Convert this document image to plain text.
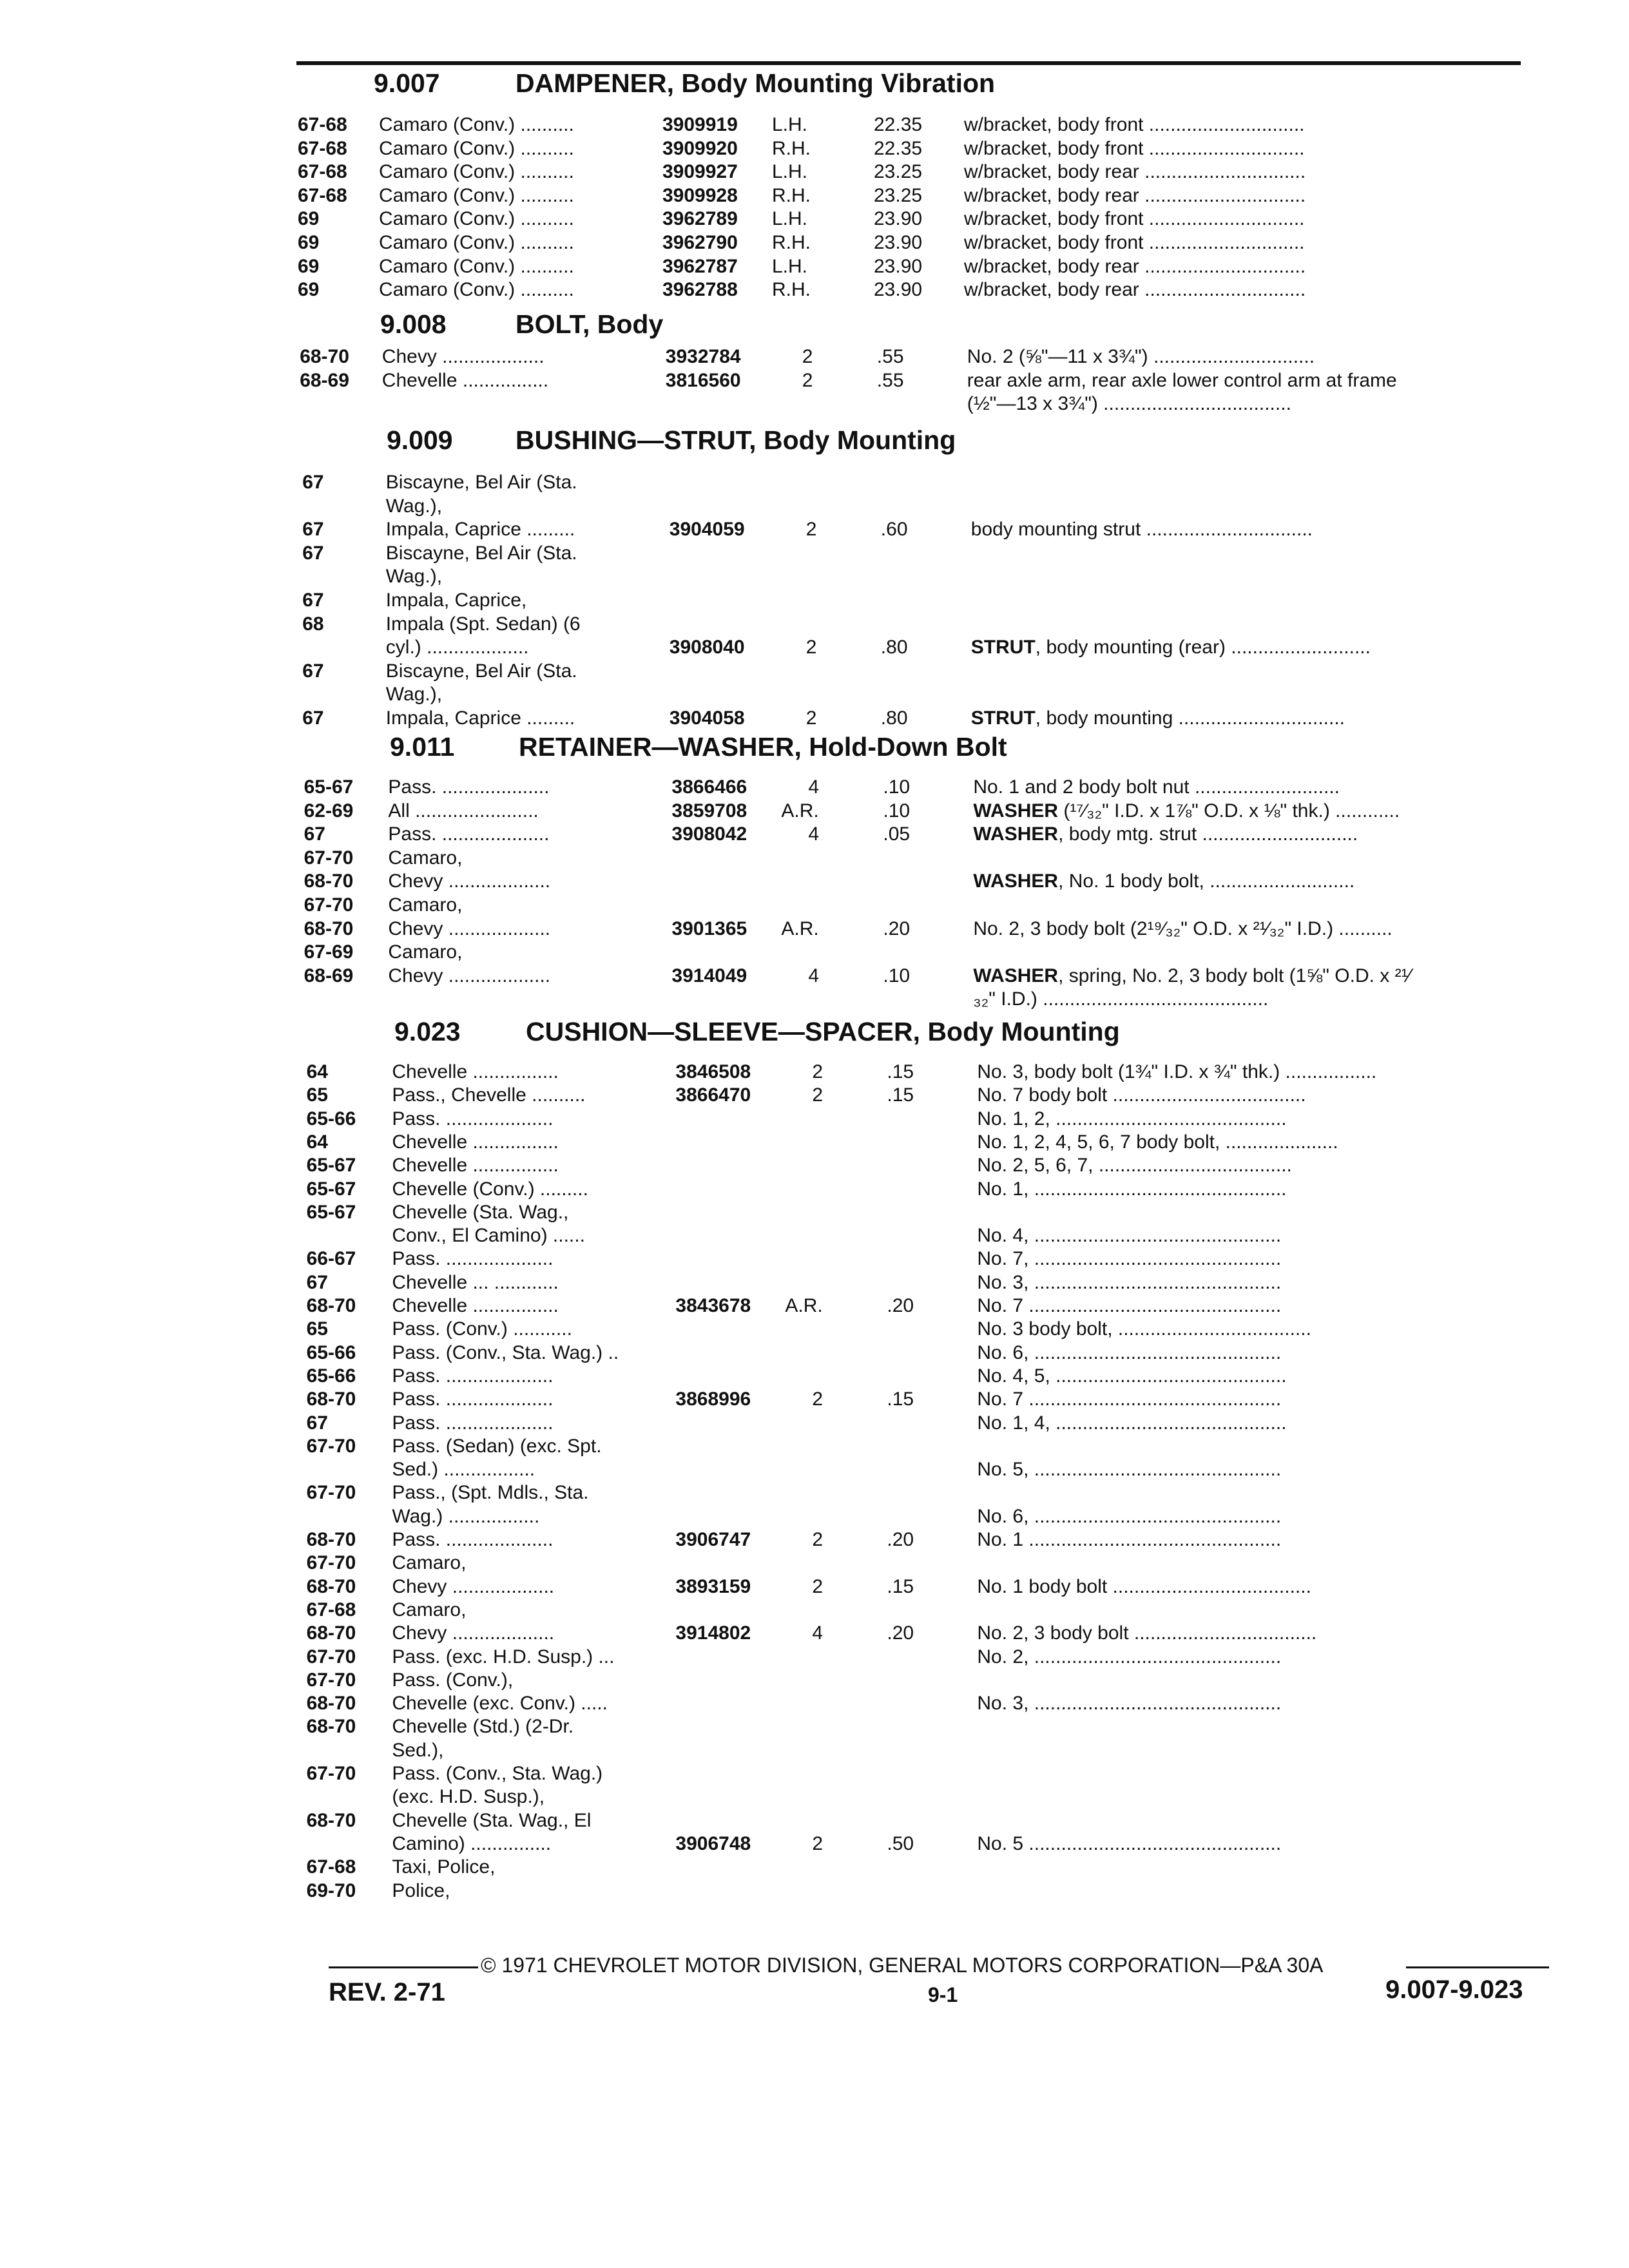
9.007	DAMPENER, Body Mounting Vibration
67-68 Camaro (Conv.) ..........	3909919 L.H.	22.35 w/bracket, body front .............................
67-68 Camaro (Conv.) ..........	3909920 R.H.	22.35 w/bracket, body front .............................
67-68 Camaro (Conv.) ..........	3909927 L.H.	23.25 w/bracket, body rear ..............................
67-68 Camaro (Conv.) ..........	3909928 R.H.	23.25 w/bracket, body rear ..............................
69	Camaro (Conv.) ..........	3962789 L.H.	23.90 w/bracket, body front .............................
69	Camaro (Conv.) ..........	3962790 R.H.	23.90 w/bracket, body front .............................
69	Camaro (Conv.) ..........	3962787 L.H.	23.90 w/bracket, body rear ..............................
69	Camaro (Conv.) ..........	3962788 R.H.	23.90 w/bracket, body rear ..............................
9.008	BOLT, Body
68-70 Chevy ...................	3932784	2	.55	No. 2 (⅝"—11 x 3¾") ..............................
68-69 Chevelle ................	3816560	2	.55	rear axle arm, rear axle lower control arm at frame
(½"—13 x 3¾") ...................................
9.009 BUSHING—STRUT, Body Mounting
67	Biscayne, Bel Air (Sta.
Wag.),
67	Impala, Caprice .........	3904059	2	.60	body mounting strut ...............................
67	Biscayne, Bel Air (Sta.
Wag.),
67	Impala, Caprice,
68	Impala (Spt. Sedan) (6
cyl.) ...................	3908040	2	.80	STRUT, body mounting (rear) ..........................
67	Biscayne, Bel Air (Sta.
Wag.),
67	Impala, Caprice .........	3904058	2	.80	STRUT, body mounting ...............................
9.011 RETAINER—WASHER, Hold-Down Bolt
65-67 Pass. ....................	3866466	4	.10	No. 1 and 2 body bolt nut ...........................
62-69 All .......................	3859708 A.R.	.10	WASHER (¹⁷⁄₃₂" I.D. x 1⅞" O.D. x ⅛" thk.) ............
67	Pass. ....................	3908042	4	.05	WASHER, body mtg. strut .............................
67-70 Camaro,
68-70 Chevy ...................	WASHER, No. 1 body bolt, ...........................
67-70 Camaro,
68-70 Chevy ...................	3901365 A.R.	.20	No. 2, 3 body bolt (2¹⁹⁄₃₂" O.D. x ²¹⁄₃₂" I.D.) ..........
67-69 Camaro,
68-69 Chevy ...................	3914049	4	.10	WASHER, spring, No. 2, 3 body bolt (1⅝" O.D. x ²¹⁄
₃₂" I.D.) ..........................................
9.023 CUSHION—SLEEVE—SPACER, Body Mounting
64	Chevelle ................	3846508	2	.15	No. 3, body bolt (1¾" I.D. x ¾" thk.) .................
65	Pass., Chevelle ..........	3866470	2	.15	No. 7 body bolt ....................................
65-66 Pass. ....................	No. 1, 2, ...........................................
64	Chevelle ................	No. 1, 2, 4, 5, 6, 7 body bolt, .....................
65-67 Chevelle ................	No. 2, 5, 6, 7, ....................................
65-67 Chevelle (Conv.) .........	No. 1, ...............................................
65-67 Chevelle (Sta. Wag.,
Conv., El Camino) ......	No. 4, ..............................................
66-67 Pass. ....................	No. 7, ..............................................
67	Chevelle ... ............	No. 3, ..............................................
68-70 Chevelle ................	3843678 A.R.	.20	No. 7 ...............................................
65	Pass. (Conv.) ...........	No. 3 body bolt, ....................................
65-66 Pass. (Conv., Sta. Wag.) ..	No. 6, ..............................................
65-66 Pass. ....................	No. 4, 5, ...........................................
68-70 Pass. ....................	3868996	2	.15	No. 7 ...............................................
67	Pass. ....................	No. 1, 4, ...........................................
67-70 Pass. (Sedan) (exc. Spt.
Sed.) .................	No. 5, ..............................................
67-70 Pass., (Spt. Mdls., Sta.
Wag.) .................	No. 6, ..............................................
68-70 Pass. ....................	3906747	2	.20	No. 1 ...............................................
67-70 Camaro,
68-70 Chevy ...................	3893159	2	.15	No. 1 body bolt .....................................
67-68 Camaro,
68-70 Chevy ...................	3914802	4	.20	No. 2, 3 body bolt ..................................
67-70 Pass. (exc. H.D. Susp.) ...	No. 2, ..............................................
67-70 Pass. (Conv.),
68-70 Chevelle (exc. Conv.) .....	No. 3, ..............................................
68-70 Chevelle (Std.) (2-Dr.
Sed.),
67-70 Pass. (Conv., Sta. Wag.)
(exc. H.D. Susp.),
68-70 Chevelle (Sta. Wag., El
Camino) ...............	3906748	2	.50	No. 5 ...............................................
67-68 Taxi, Police,
69-70 Police,
© 1971 CHEVROLET MOTOR DIVISION, GENERAL MOTORS CORPORATION—P&A 30A
REV. 2-71	9-1	9.007-9.023
